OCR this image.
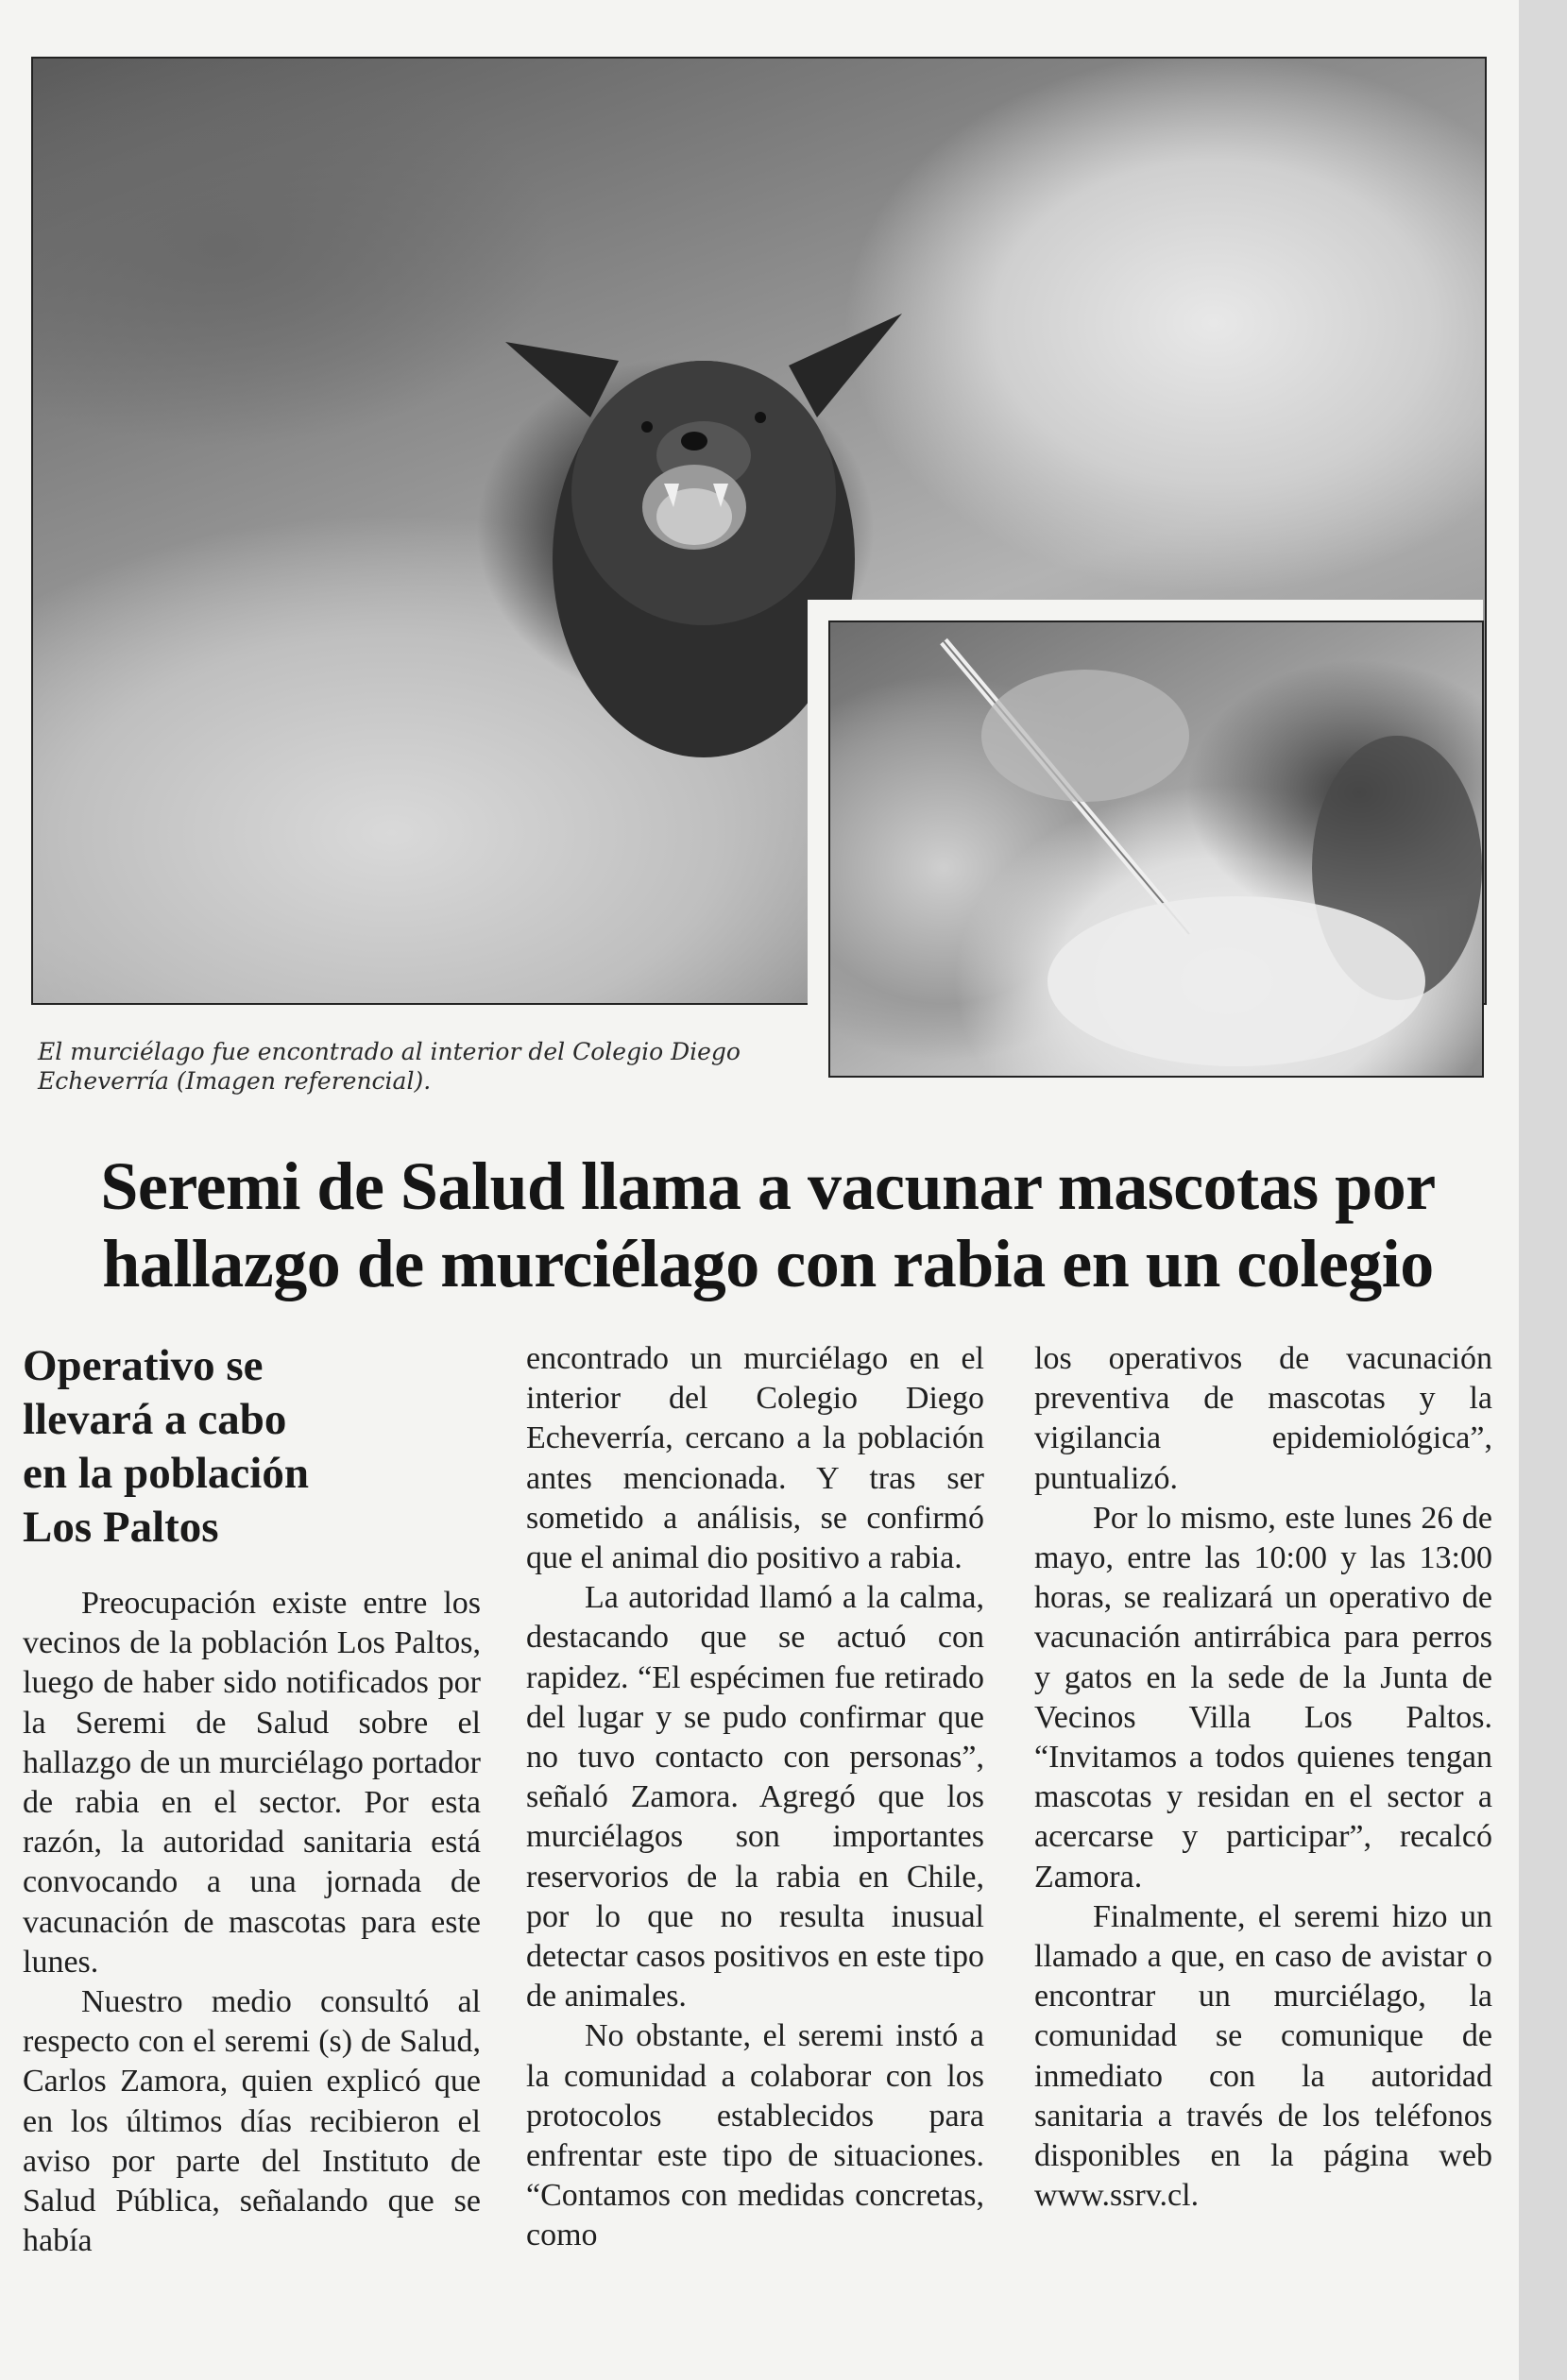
El murciélago fue encontrado al interior del Colegio Diego
Echeverría (Imagen referencial).
Seremi de Salud llama a vacunar mascotas por
hallazgo de murciélago con rabia en un colegio
Operativo se
llevará a cabo
en la población
Los Paltos

Preocupación existe entre los vecinos de la población Los Paltos, luego de haber sido notificados por la Seremi de Salud sobre el hallazgo de un murciélago portador de rabia en el sector. Por esta razón, la autoridad sanitaria está convocando a una jornada de vacunación de mascotas para este lunes.

Nuestro medio consultó al respecto con el seremi (s) de Salud, Carlos Zamora, quien explicó que en los últimos días recibieron el aviso por parte del Instituto de Salud Pública, señalando que se había

encontrado un murciélago en el interior del Colegio Diego Echeverría, cercano a la población antes mencionada. Y tras ser sometido a análisis, se confirmó que el animal dio positivo a rabia.

La autoridad llamó a la calma, destacando que se actuó con rapidez. “El espécimen fue retirado del lugar y se pudo confirmar que no tuvo contacto con personas”, señaló Zamora. Agregó que los murciélagos son importantes reservorios de la rabia en Chile, por lo que no resulta inusual detectar casos positivos en este tipo de animales.

No obstante, el seremi instó a la comunidad a colaborar con los protocolos establecidos para enfrentar este tipo de situaciones. “Contamos con medidas concretas, como

los operativos de vacunación preventiva de mascotas y la vigilancia epidemiológica”, puntualizó.

Por lo mismo, este lunes 26 de mayo, entre las 10:00 y las 13:00 horas, se realizará un operativo de vacunación antirrábica para perros y gatos en la sede de la Junta de Vecinos Villa Los Paltos. “Invitamos a todos quienes tengan mascotas y residan en el sector a acercarse y participar”, recalcó Zamora.

Finalmente, el seremi hizo un llamado a que, en caso de avistar o encontrar un murciélago, la comunidad se comunique de inmediato con la autoridad sanitaria a través de los teléfonos disponibles en la página web www.ssrv.cl.
